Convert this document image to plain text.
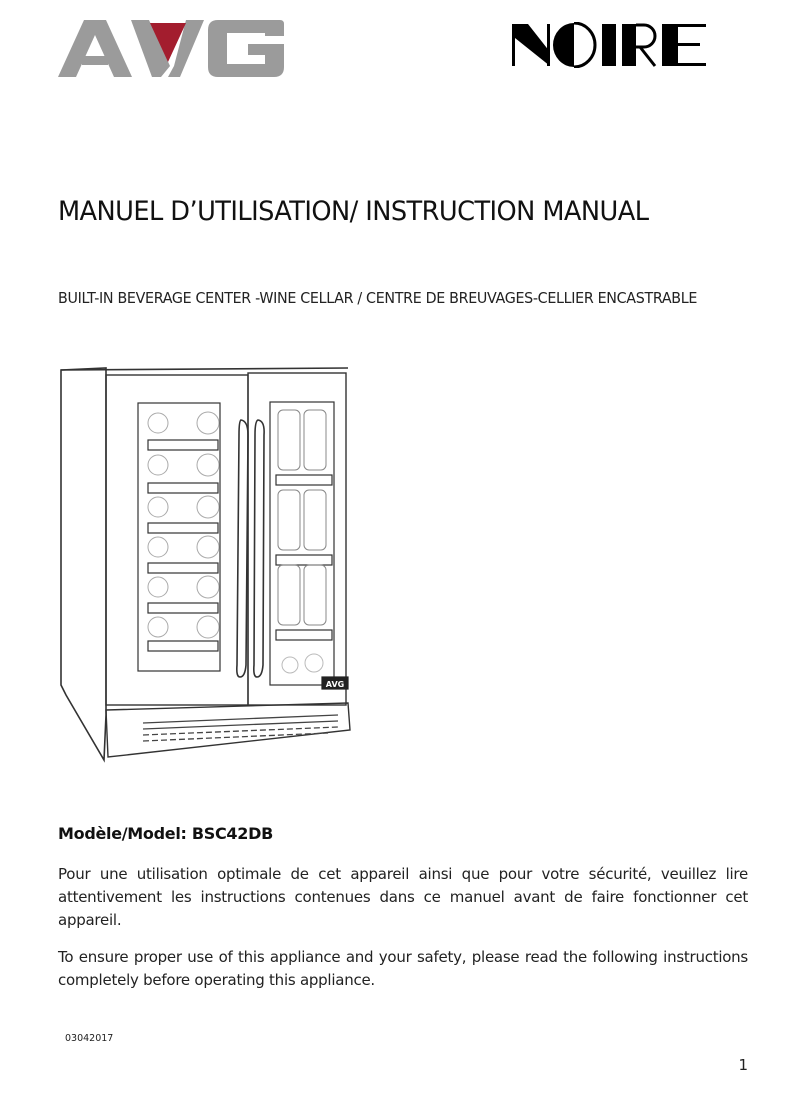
MANUEL D’UTILISATION/ INSTRUCTION MANUAL
BUILT-IN BEVERAGE CENTER -WINE CELLAR / CENTRE DE BREUVAGES-CELLIER ENCASTRABLE
AVG

Modèle/Model: BSC42DB

Pour une utilisation optimale de cet appareil ainsi que pour votre sécurité, veuillez lire attentivement les instructions contenues dans ce manuel avant de faire fonctionner cet appareil.

To ensure proper use of this appliance and your safety, please read the following instructions completely before operating this appliance.

03042017
1
